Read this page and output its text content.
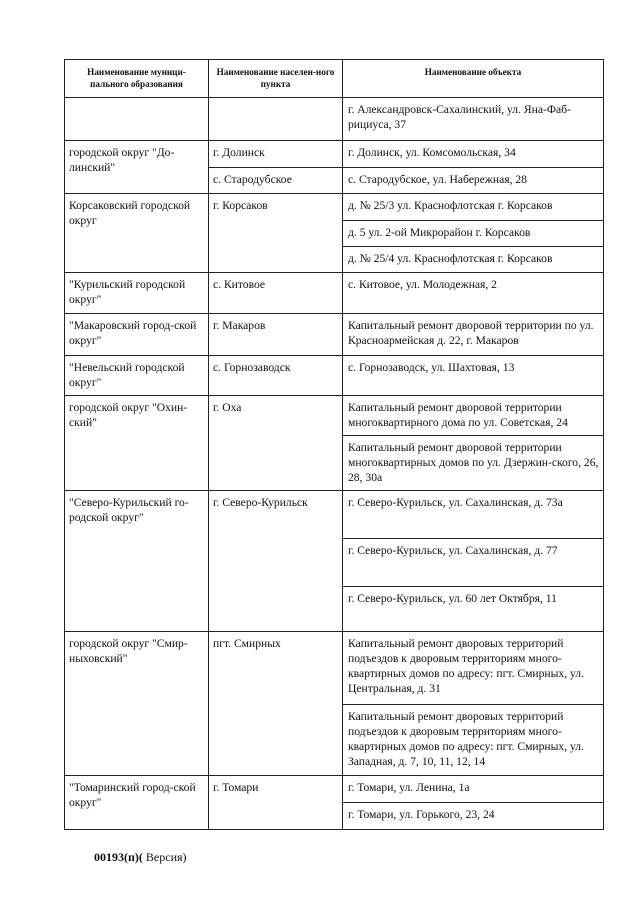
Наименование муници-пального образования	Наименование населен-ного пункта	Наименование объекта
		г. Александровск-Сахалинский, ул. Яна-Фаб-рициуса, 37
городской округ "До-линский"	г. Долинск	г. Долинск, ул. Комсомольская, 34
	с. Стародубское	с. Стародубское, ул. Набережная, 28
Корсаковский городской округ	г. Корсаков	д. № 25/3 ул. Краснофлотская г. Корсаков
		д. 5 ул. 2-ой Микрорайон г. Корсаков
		д. № 25/4 ул. Краснофлотская г. Корсаков
"Курильский городской округ"	с. Китовое	с. Китовое, ул. Молодежная, 2
"Макаровский город-ской округ"	г. Макаров	Капитальный ремонт дворовой территории по ул. Красноармейская д. 22, г. Макаров
"Невельский городской округ"	с. Горнозаводск	с. Горнозаводск, ул. Шахтовая, 13
городской округ "Охин-ский"	г. Оха	Капитальный ремонт дворовой территории многоквартирного дома по ул. Советская, 24
		Капитальный ремонт дворовой территории многоквартирных домов по ул. Дзержин-ского, 26, 28, 30а
"Северо-Курильский го-родской округ"	г. Северо-Курильск	г. Северо-Курильск, ул. Сахалинская, д. 73а
		г. Северо-Курильск, ул. Сахалинская, д. 77
		г. Северо-Курильск, ул. 60 лет Октября, 11
городской округ "Смир-ныховский"	пгт. Смирных	Капитальный ремонт дворовых территорий подъездов к дворовым территориям много-квартирных домов по адресу: пгт. Смирных, ул. Центральная, д. 31
		Капитальный ремонт дворовых территорий подъездов к дворовым территориям много-квартирных домов по адресу: пгт. Смирных, ул. Западная, д. 7, 10, 11, 12, 14
"Томаринский город-ской округ"	г. Томари	г. Томари, ул. Ленина, 1а
		г. Томари, ул. Горького, 23, 24
00193(п)( Версия)
